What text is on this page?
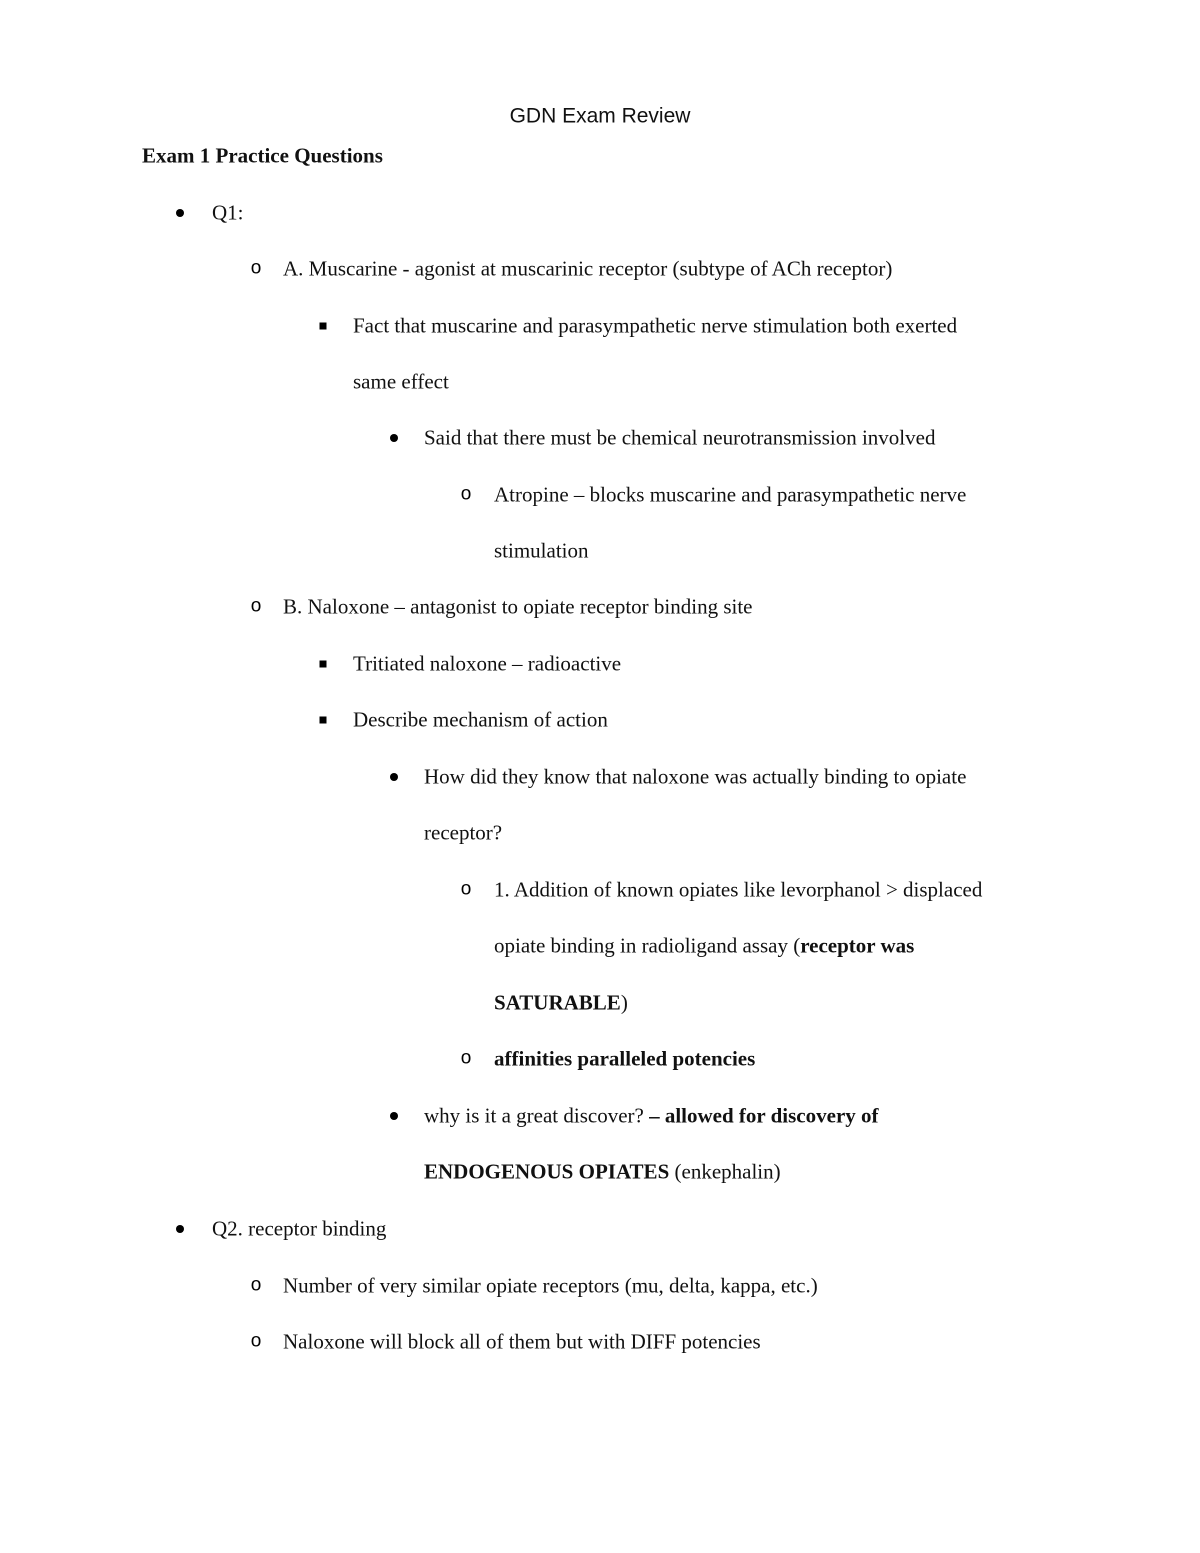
GDN Exam Review
Exam 1 Practice Questions
Q1:
o A. Muscarine - agonist at muscarinic receptor (subtype of ACh receptor)
Fact that muscarine and parasympathetic nerve stimulation both exerted
same effect
Said that there must be chemical neurotransmission involved
o Atropine – blocks muscarine and parasympathetic nerve
stimulation
o B. Naloxone – antagonist to opiate receptor binding site
Tritiated naloxone – radioactive
Describe mechanism of action
How did they know that naloxone was actually binding to opiate
receptor?
o 1. Addition of known opiates like levorphanol > displaced
opiate binding in radioligand assay (receptor was
SATURABLE)
o affinities paralleled potencies
why is it a great discover? – allowed for discovery of
ENDOGENOUS OPIATES (enkephalin)
Q2. receptor binding
o Number of very similar opiate receptors (mu, delta, kappa, etc.)
o Naloxone will block all of them but with DIFF potencies
